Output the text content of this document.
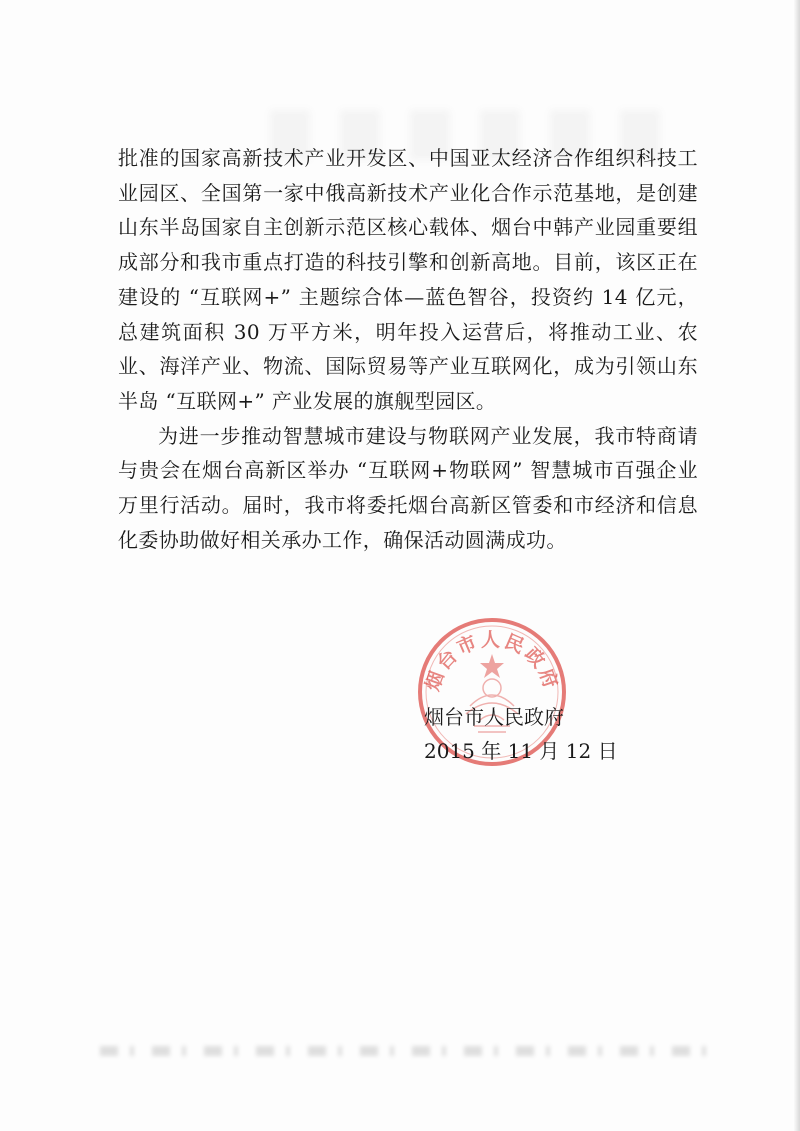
批准的国家高新技术产业开发区、中国亚太经济合作组织科技工业园区、全国第一家中俄高新技术产业化合作示范基地，是创建山东半岛国家自主创新示范区核心载体、烟台中韩产业园重要组成部分和我市重点打造的科技引擎和创新高地。目前，该区正在建设的 “互联网+” 主题综合体—蓝色智谷，投资约 14 亿元，总建筑面积 30 万平方米，明年投入运营后，将推动工业、农业、海洋产业、物流、国际贸易等产业互联网化，成为引领山东半岛 “互联网+” 产业发展的旗舰型园区。

为进一步推动智慧城市建设与物联网产业发展，我市特商请与贵会在烟台高新区举办 “互联网+物联网” 智慧城市百强企业万里行活动。届时，我市将委托烟台高新区管委和市经济和信息化委协助做好相关承办工作，确保活动圆满成功。

烟台市人民政府
烟台市人民政府
2015 年 11 月 12 日
